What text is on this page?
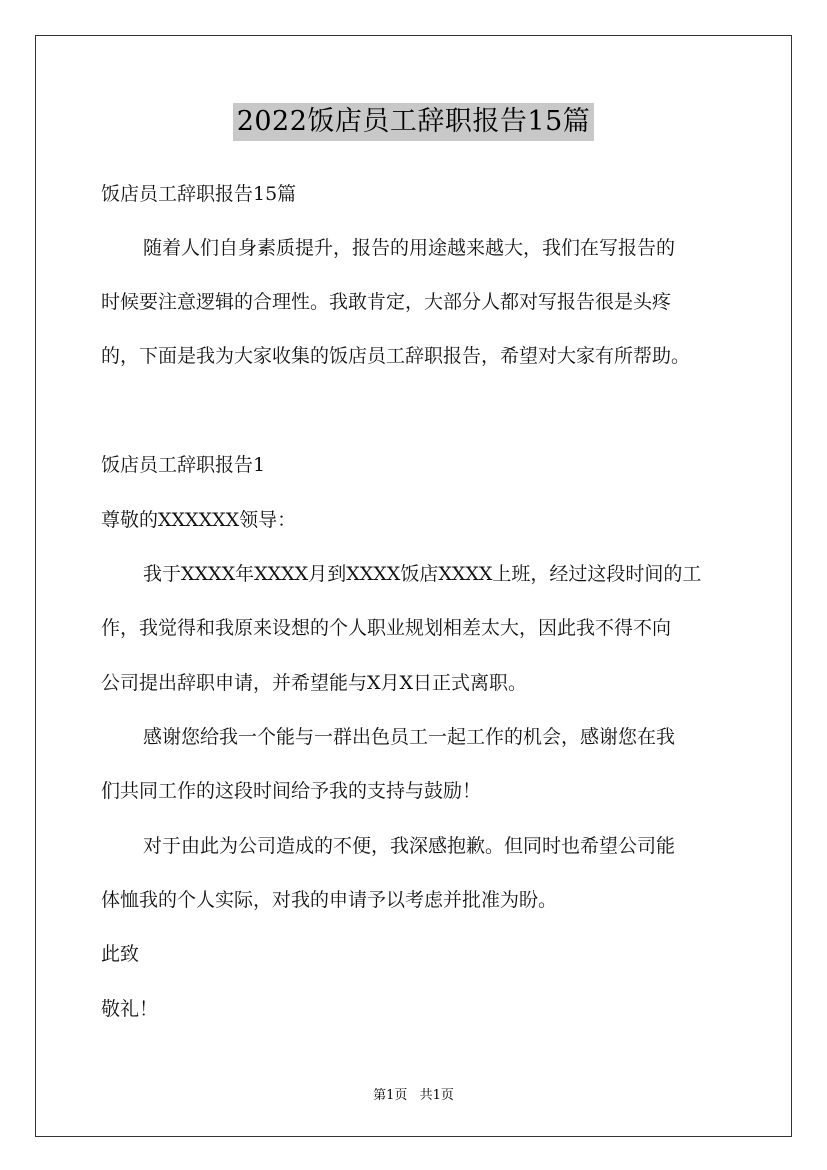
2022饭店员工辞职报告15篇
饭店员工辞职报告15篇
随着人们自身素质提升，报告的用途越来越大，我们在写报告的
时候要注意逻辑的合理性。我敢肯定，大部分人都对写报告很是头疼
的，下面是我为大家收集的饭店员工辞职报告，希望对大家有所帮助。
饭店员工辞职报告1
尊敬的XXXXXX领导：
我于XXXX年XXXX月到XXXX饭店XXXX上班，经过这段时间的工
作，我觉得和我原来设想的个人职业规划相差太大，因此我不得不向
公司提出辞职申请，并希望能与X月X日正式离职。
感谢您给我一个能与一群出色员工一起工作的机会，感谢您在我
们共同工作的这段时间给予我的支持与鼓励！
对于由此为公司造成的不便，我深感抱歉。但同时也希望公司能
体恤我的个人实际，对我的申请予以考虑并批准为盼。
此致
敬礼！
第1页 共1页
